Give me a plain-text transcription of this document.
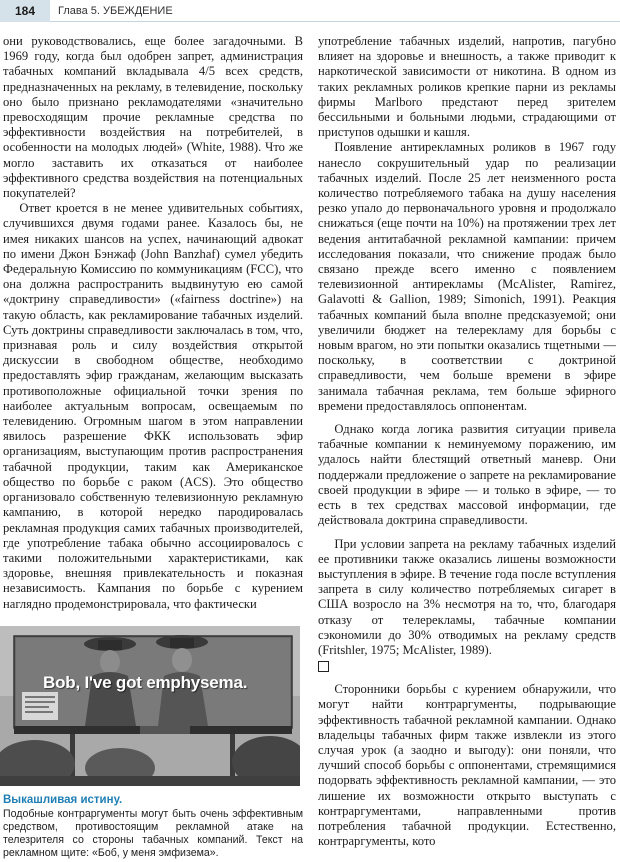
184	Глава 5. УБЕЖДЕНИЕ

они руководствовались, еще более загадочными. В 1969 году, когда был одобрен запрет, администрация табачных компаний вкладывала 4/5 всех средств, предназначенных на рекламу, в телевидение, поскольку оно было признано рекламодателями «значительно превосходящим прочие рекламные средства по эффективности воздействия на потребителей, в особенности на молодых людей» (White, 1988). Что же могло заставить их отказаться от наиболее эффективного средства воздействия на потенциальных покупателей?

Ответ кроется в не менее удивительных событиях, случившихся двумя годами ранее. Казалось бы, не имея никаких шансов на успех, начинающий адвокат по имени Джон Бэнжаф (John Banzhaf) сумел убедить Федеральную Комиссию по коммуникациям (FCC), что она должна распространить выдвинутую ею самой «доктрину справедливости» («fairness doctrine») на такую область, как рекламирование табачных изделий. Суть доктрины справедливости заключалась в том, что, признавая роль и силу воздействия открытой дискуссии в свободном обществе, необходимо предоставлять эфир гражданам, желающим высказать противоположные официальной точки зрения по наиболее актуальным вопросам, освещаемым по телевидению. Огромным шагом в этом направлении явилось разрешение ФКК использовать эфир организациям, выступающим против распространения табачной продукции, таким как Американское общество по борьбе с раком (ACS). Это общество организовало собственную телевизионную рекламную кампанию, в которой нередко пародировалась рекламная продукция самих табачных производителей, где употребление табака обычно ассоциировалось с такими положительными характеристиками, как здоровье, внешняя привлекательность и показная независимость. Кампания по борьбе с курением наглядно продемонстрировала, что фактически

Bob, I've got emphysema.

Выкашливая истину.

Подобные контраргументы могут быть очень эффективным средством, противостоящим рекламной атаке на телезрителя со стороны табачных компаний. Текст на рекламном щите: «Боб, у меня эмфизема».

употребление табачных изделий, напротив, пагубно влияет на здоровье и внешность, а также приводит к наркотической зависимости от никотина. В одном из таких рекламных роликов крепкие парни из рекламы фирмы Marlboro предстают перед зрителем бессильными и больными людьми, страдающими от приступов одышки и кашля.

Появление антирекламных роликов в 1967 году нанесло сокрушительный удар по реализации табачных изделий. После 25 лет неизменного роста количество потребляемого табака на душу населения резко упало до первоначального уровня и продолжало снижаться (еще почти на 10%) на протяжении трех лет ведения антитабачной рекламной кампании: причем исследования показали, что снижение продаж было связано прежде всего именно с появлением телевизионной антирекламы (McAlister, Ramirez, Galavotti & Gallion, 1989; Simonich, 1991). Реакция табачных компаний была вполне предсказуемой; они увеличили бюджет на телерекламу для борьбы с новым врагом, но эти попытки оказались тщетными — поскольку, в соответствии с доктриной справедливости, чем больше времени в эфире занимала табачная реклама, тем больше эфирного времени предоставлялось оппонентам.

Однако когда логика развития ситуации привела табачные компании к неминуемому поражению, им удалось найти блестящий ответный маневр. Они поддержали предложение о запрете на рекламирование своей продукции в эфире — и только в эфире, — то есть в тех средствах массовой информации, где действовала доктрина справедливости.

При условии запрета на рекламу табачных изделий ее противники также оказались лишены возможности выступления в эфире. В течение года после вступления запрета в силу количество потребляемых сигарет в США возросло на 3% несмотря на то, что, благодаря отказу от телерекламы, табачные компании сэкономили до 30% отводимых на рекламу средств (Fritshler, 1975; McAlister, 1989).

Сторонники борьбы с курением обнаружили, что могут найти контраргументы, подрывающие эффективность табачной рекламной кампании. Однако владельцы табачных фирм также извлекли из этого случая урок (а заодно и выгоду): они поняли, что лучший способ борьбы с оппонентами, стремящимися подорвать эффективность рекламной кампании, — это лишение их возможности открыто выступать с контраргументами, направленными против потребления табачной продукции. Естественно, контраргументы, кото
